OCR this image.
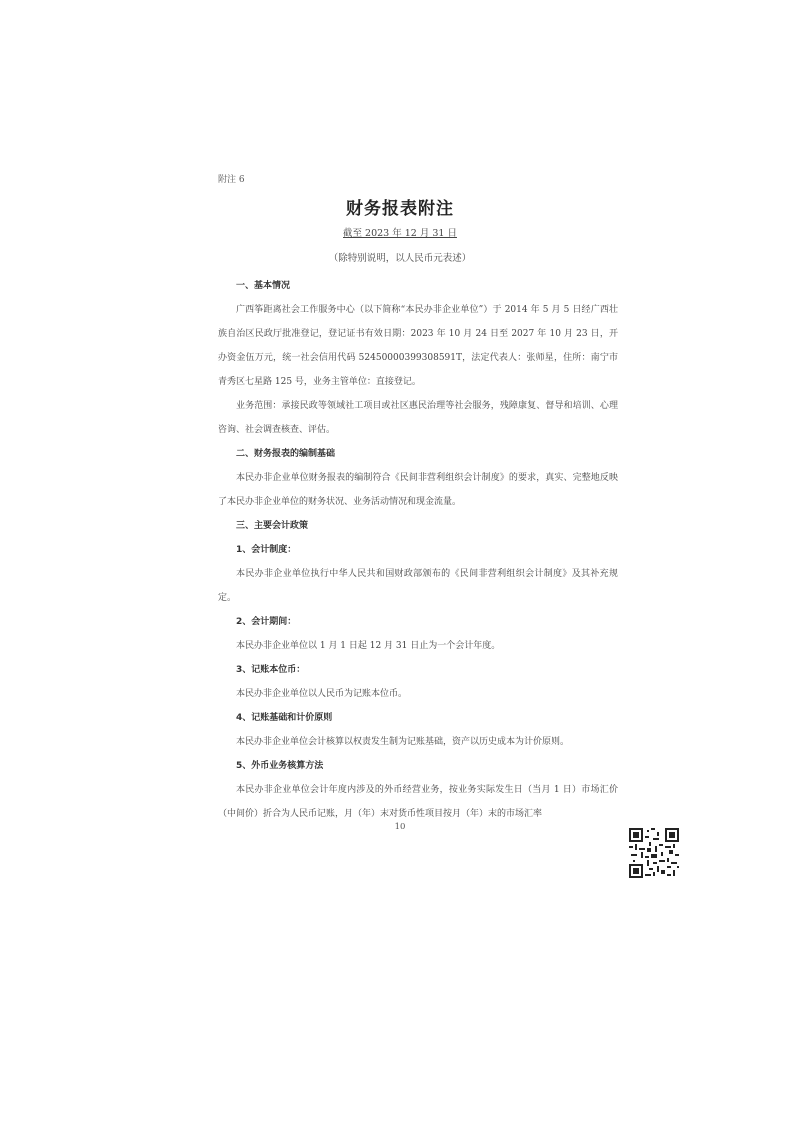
附注 6
财务报表附注
截至 2023 年 12 月 31 日
（除特别说明，以人民币元表述）

一、基本情况

广西筝距离社会工作服务中心（以下简称“本民办非企业单位”）于 2014 年 5 月 5 日经广西壮族自治区民政厅批准登记，登记证书有效日期：2023 年 10 月 24 日至 2027 年 10 月 23 日，开办资金伍万元，统一社会信用代码 52450000399308591T，法定代表人：张师星，住所：南宁市青秀区七星路 125 号，业务主管单位：直接登记。

业务范围：承接民政等领域社工项目或社区惠民治理等社会服务，残障康复、督导和培训、心理咨询、社会调查核查、评估。

二、财务报表的编制基础

本民办非企业单位财务报表的编制符合《民间非营利组织会计制度》的要求，真实、完整地反映了本民办非企业单位的财务状况、业务活动情况和现金流量。

三、主要会计政策

1、会计制度：

本民办非企业单位执行中华人民共和国财政部颁布的《民间非营利组织会计制度》及其补充规定。

2、会计期间：

本民办非企业单位以 1 月 1 日起 12 月 31 日止为一个会计年度。

3、记账本位币：

本民办非企业单位以人民币为记账本位币。

4、记账基础和计价原则

本民办非企业单位会计核算以权责发生制为记账基础，资产以历史成本为计价原则。

5、外币业务核算方法

本民办非企业单位会计年度内涉及的外币经营业务，按业务实际发生日（当月 1 日）市场汇价（中间价）折合为人民币记账，月（年）末对货币性项目按月（年）末的市场汇率

10
